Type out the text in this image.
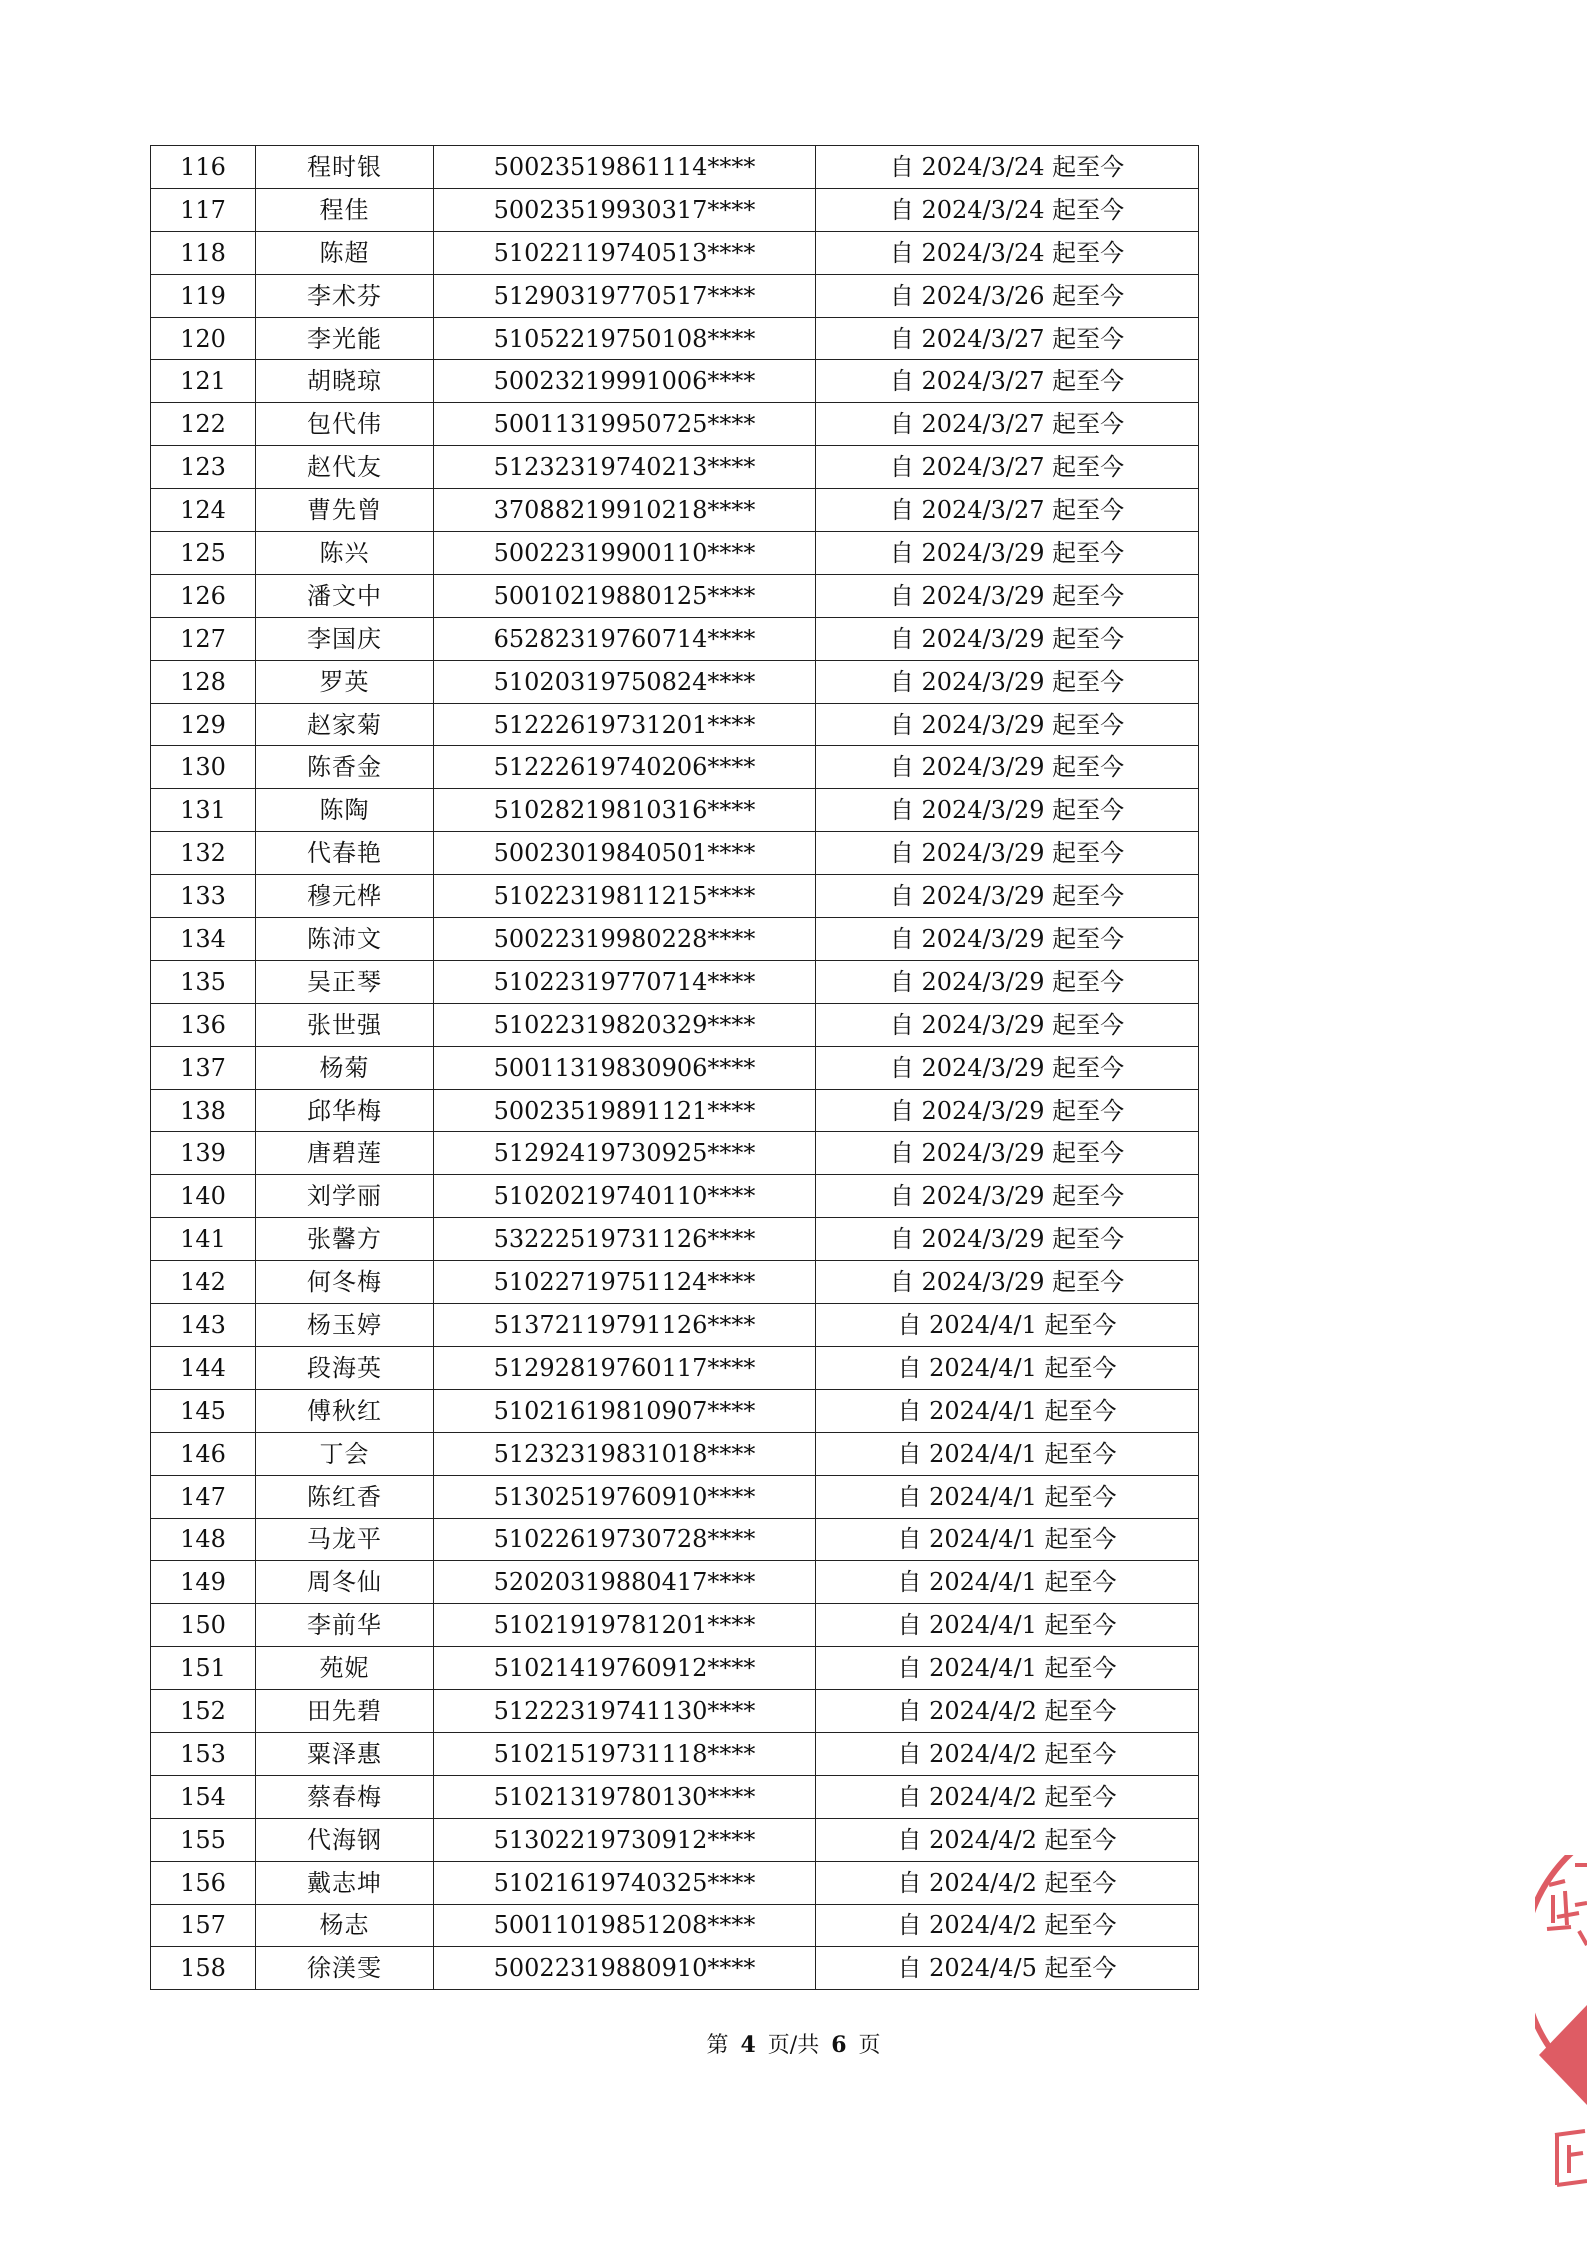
116	程时银	50023519861114****	自 2024/3/24 起至今
117	程佳	50023519930317****	自 2024/3/24 起至今
118	陈超	51022119740513****	自 2024/3/24 起至今
119	李术芬	51290319770517****	自 2024/3/26 起至今
120	李光能	51052219750108****	自 2024/3/27 起至今
121	胡晓琼	50023219991006****	自 2024/3/27 起至今
122	包代伟	50011319950725****	自 2024/3/27 起至今
123	赵代友	51232319740213****	自 2024/3/27 起至今
124	曹先曾	37088219910218****	自 2024/3/27 起至今
125	陈兴	50022319900110****	自 2024/3/29 起至今
126	潘文中	50010219880125****	自 2024/3/29 起至今
127	李国庆	65282319760714****	自 2024/3/29 起至今
128	罗英	51020319750824****	自 2024/3/29 起至今
129	赵家菊	51222619731201****	自 2024/3/29 起至今
130	陈香金	51222619740206****	自 2024/3/29 起至今
131	陈陶	51028219810316****	自 2024/3/29 起至今
132	代春艳	50023019840501****	自 2024/3/29 起至今
133	穆元桦	51022319811215****	自 2024/3/29 起至今
134	陈沛文	50022319980228****	自 2024/3/29 起至今
135	吴正琴	51022319770714****	自 2024/3/29 起至今
136	张世强	51022319820329****	自 2024/3/29 起至今
137	杨菊	50011319830906****	自 2024/3/29 起至今
138	邱华梅	50023519891121****	自 2024/3/29 起至今
139	唐碧莲	51292419730925****	自 2024/3/29 起至今
140	刘学丽	51020219740110****	自 2024/3/29 起至今
141	张馨方	53222519731126****	自 2024/3/29 起至今
142	何冬梅	51022719751124****	自 2024/3/29 起至今
143	杨玉婷	51372119791126****	自 2024/4/1 起至今
144	段海英	51292819760117****	自 2024/4/1 起至今
145	傅秋红	51021619810907****	自 2024/4/1 起至今
146	丁会	51232319831018****	自 2024/4/1 起至今
147	陈红香	51302519760910****	自 2024/4/1 起至今
148	马龙平	51022619730728****	自 2024/4/1 起至今
149	周冬仙	52020319880417****	自 2024/4/1 起至今
150	李前华	51021919781201****	自 2024/4/1 起至今
151	苑妮	51021419760912****	自 2024/4/1 起至今
152	田先碧	51222319741130****	自 2024/4/2 起至今
153	粟泽惠	51021519731118****	自 2024/4/2 起至今
154	蔡春梅	51021319780130****	自 2024/4/2 起至今
155	代海钢	51302219730912****	自 2024/4/2 起至今
156	戴志坤	51021619740325****	自 2024/4/2 起至今
157	杨志	50011019851208****	自 2024/4/2 起至今
158	徐渼雯	50022319880910****	自 2024/4/5 起至今
第 4 页/共 6 页
